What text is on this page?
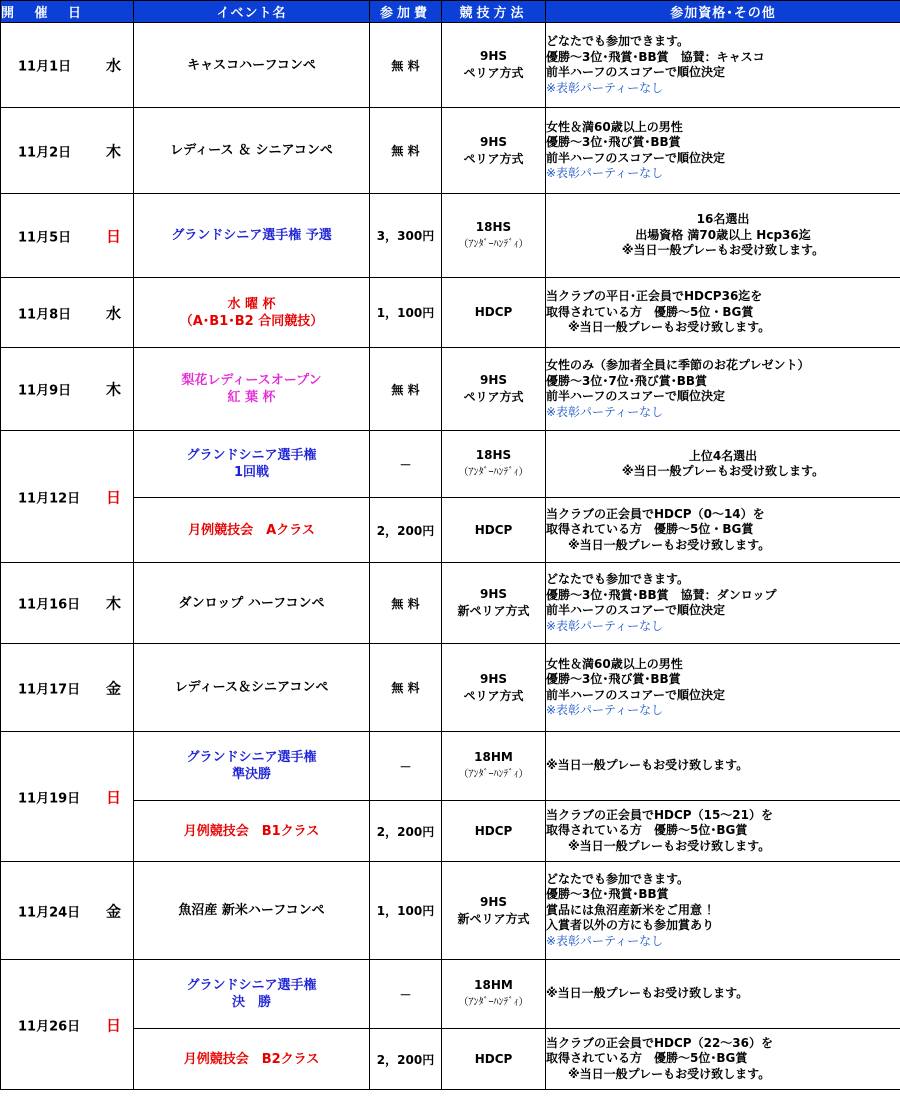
開 催 日	イベント名	参加費	競技方法	参加資格･その他

11月1日 水	キャスコハーフコンペ	無 料	9HS
ペリア方式	どなたでも参加できます。
優勝～3位･飛賞･BB賞　協賛：キャスコ
前半ハーフのスコアーで順位決定
※表彰パーティーなし

11月2日 木	レディース ＆ シニアコンペ	無 料	9HS
ペリア方式	女性＆満60歳以上の男性
優勝～3位･飛び賞･BB賞
前半ハーフのスコアーで順位決定
※表彰パーティーなし

11月5日 日	グランドシニア選手権 予選	3，300円	18HS
（ｱﾝﾀﾞｰﾊﾝﾃﾞｨ）	16名選出
出場資格 満70歳以上 Hcp36迄
※当日一般プレーもお受け致します。

11月8日 水	水 曜 杯
（A･B1･B2 合同競技）	1，100円	HDCP	当クラブの平日･正会員でHDCP36迄を
取得されている方　優勝～5位・BG賞
※当日一般プレーもお受け致します。

11月9日 木	梨花レディースオープン
紅 葉 杯	無 料	9HS
ペリア方式	女性のみ（参加者全員に季節のお花プレゼント）
優勝～3位･7位･飛び賞･BB賞
前半ハーフのスコアーで順位決定
※表彰パーティーなし

11月12日 日	グランドシニア選手権
1回戦	－	18HS
（ｱﾝﾀﾞｰﾊﾝﾃﾞｨ）	上位4名選出
※当日一般プレーもお受け致します。

	月例競技会　Aクラス	2，200円	HDCP	当クラブの正会員でHDCP（0～14）を
取得されている方　優勝～5位・BG賞
※当日一般プレーもお受け致します。

11月16日 木	ダンロップ ハーフコンペ	無 料	9HS
新ペリア方式	どなたでも参加できます。
優勝～3位･飛賞･BB賞　協賛：ダンロップ
前半ハーフのスコアーで順位決定
※表彰パーティーなし

11月17日 金	レディース＆シニアコンペ	無 料	9HS
ペリア方式	女性＆満60歳以上の男性
優勝～3位･飛び賞･BB賞
前半ハーフのスコアーで順位決定
※表彰パーティーなし

11月19日 日	グランドシニア選手権
準決勝	－	18HM
（ｱﾝﾀﾞｰﾊﾝﾃﾞｨ）	※当日一般プレーもお受け致します。

	月例競技会　B1クラス	2，200円	HDCP	当クラブの正会員でHDCP（15～21）を
取得されている方　優勝～5位･BG賞
※当日一般プレーもお受け致します。

11月24日 金	魚沼産 新米ハーフコンペ	1，100円	9HS
新ペリア方式	どなたでも参加できます。
優勝～3位･飛賞･BB賞
賞品には魚沼産新米をご用意 ！
入賞者以外の方にも参加賞あり
※表彰パーティーなし

11月26日 日	グランドシニア選手権
決　勝	－	18HM
（ｱﾝﾀﾞｰﾊﾝﾃﾞｨ）	※当日一般プレーもお受け致します。

	月例競技会　B2クラス	2，200円	HDCP	当クラブの正会員でHDCP（22～36）を
取得されている方　優勝～5位･BG賞
※当日一般プレーもお受け致します。
